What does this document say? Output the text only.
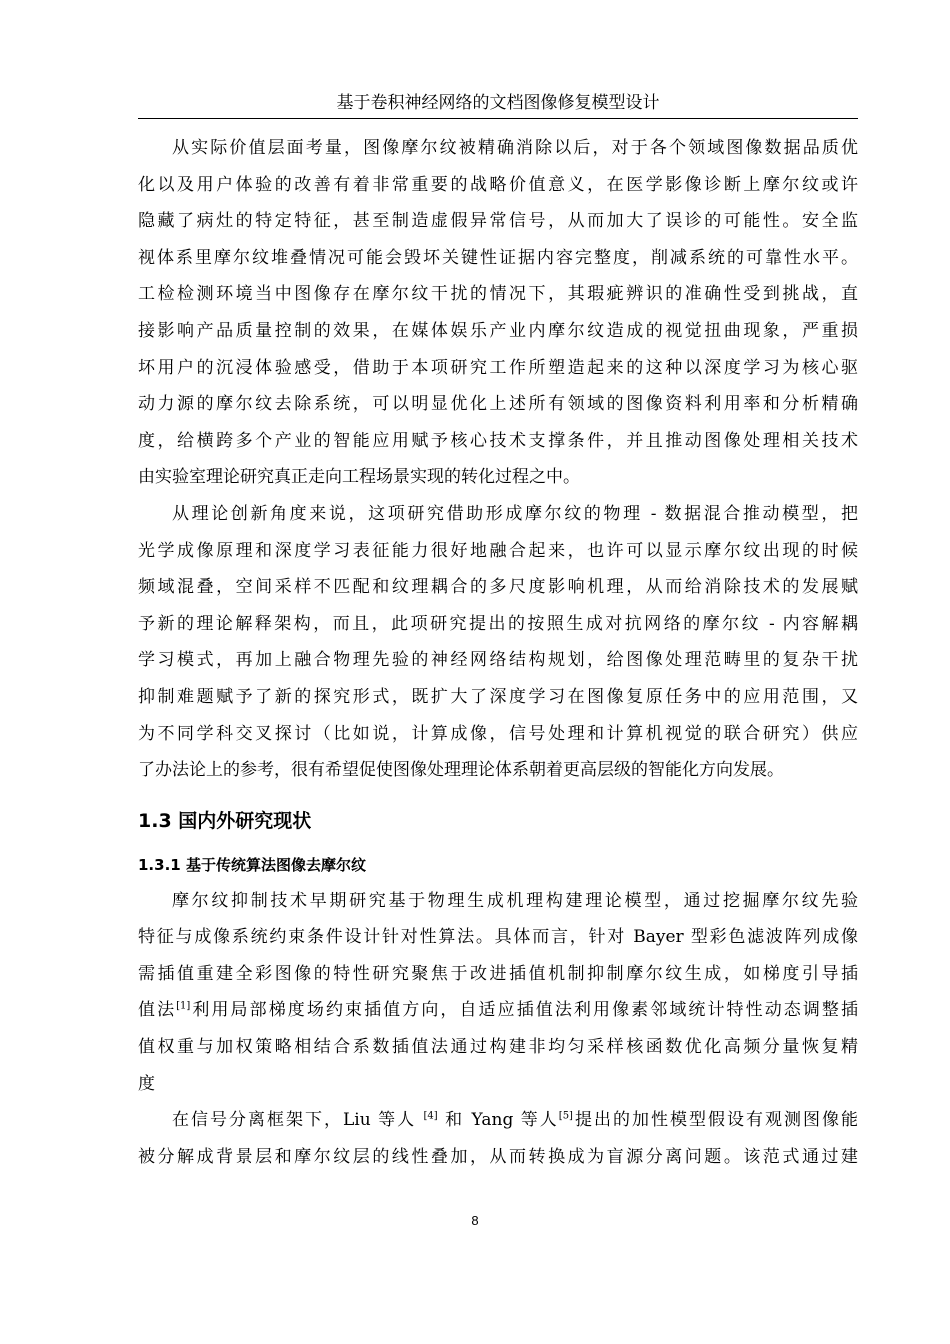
基于卷积神经网络的文档图像修复模型设计

从实际价值层面考量，图像摩尔纹被精确消除以后，对于各个领域图像数据品质优
化以及用户体验的改善有着非常重要的战略价值意义，在医学影像诊断上摩尔纹或许
隐藏了病灶的特定特征，甚至制造虚假异常信号，从而加大了误诊的可能性。安全监
视体系里摩尔纹堆叠情况可能会毁坏关键性证据内容完整度，削减系统的可靠性水平。
工检检测环境当中图像存在摩尔纹干扰的情况下，其瑕疵辨识的准确性受到挑战，直
接影响产品质量控制的效果，在媒体娱乐产业内摩尔纹造成的视觉扭曲现象，严重损
坏用户的沉浸体验感受，借助于本项研究工作所塑造起来的这种以深度学习为核心驱
动力源的摩尔纹去除系统，可以明显优化上述所有领域的图像资料利用率和分析精确
度，给横跨多个产业的智能应用赋予核心技术支撑条件，并且推动图像处理相关技术
由实验室理论研究真正走向工程场景实现的转化过程之中。

从理论创新角度来说，这项研究借助形成摩尔纹的物理 - 数据混合推动模型，把
光学成像原理和深度学习表征能力很好地融合起来，也许可以显示摩尔纹出现的时候
频域混叠，空间采样不匹配和纹理耦合的多尺度影响机理，从而给消除技术的发展赋
予新的理论解释架构，而且，此项研究提出的按照生成对抗网络的摩尔纹 - 内容解耦
学习模式，再加上融合物理先验的神经网络结构规划，给图像处理范畴里的复杂干扰
抑制难题赋予了新的探究形式，既扩大了深度学习在图像复原任务中的应用范围，又
为不同学科交叉探讨（比如说，计算成像，信号处理和计算机视觉的联合研究）供应
了办法论上的参考，很有希望促使图像处理理论体系朝着更高层级的智能化方向发展。

1.3 国内外研究现状
1.3.1 基于传统算法图像去摩尔纹

摩尔纹抑制技术早期研究基于物理生成机理构建理论模型，通过挖掘摩尔纹先验
特征与成像系统约束条件设计针对性算法。具体而言，针对 Bayer 型彩色滤波阵列成像
需插值重建全彩图像的特性研究聚焦于改进插值机制抑制摩尔纹生成，如梯度引导插
值法[1]利用局部梯度场约束插值方向，自适应插值法利用像素邻域统计特性动态调整插
值权重与加权策略相结合系数插值法通过构建非均匀采样核函数优化高频分量恢复精
度

在信号分离框架下，Liu 等人 [4] 和 Yang 等人[5]提出的加性模型假设有观测图像能
被分解成背景层和摩尔纹层的线性叠加，从而转换成为盲源分离问题。该范式通过建

8
